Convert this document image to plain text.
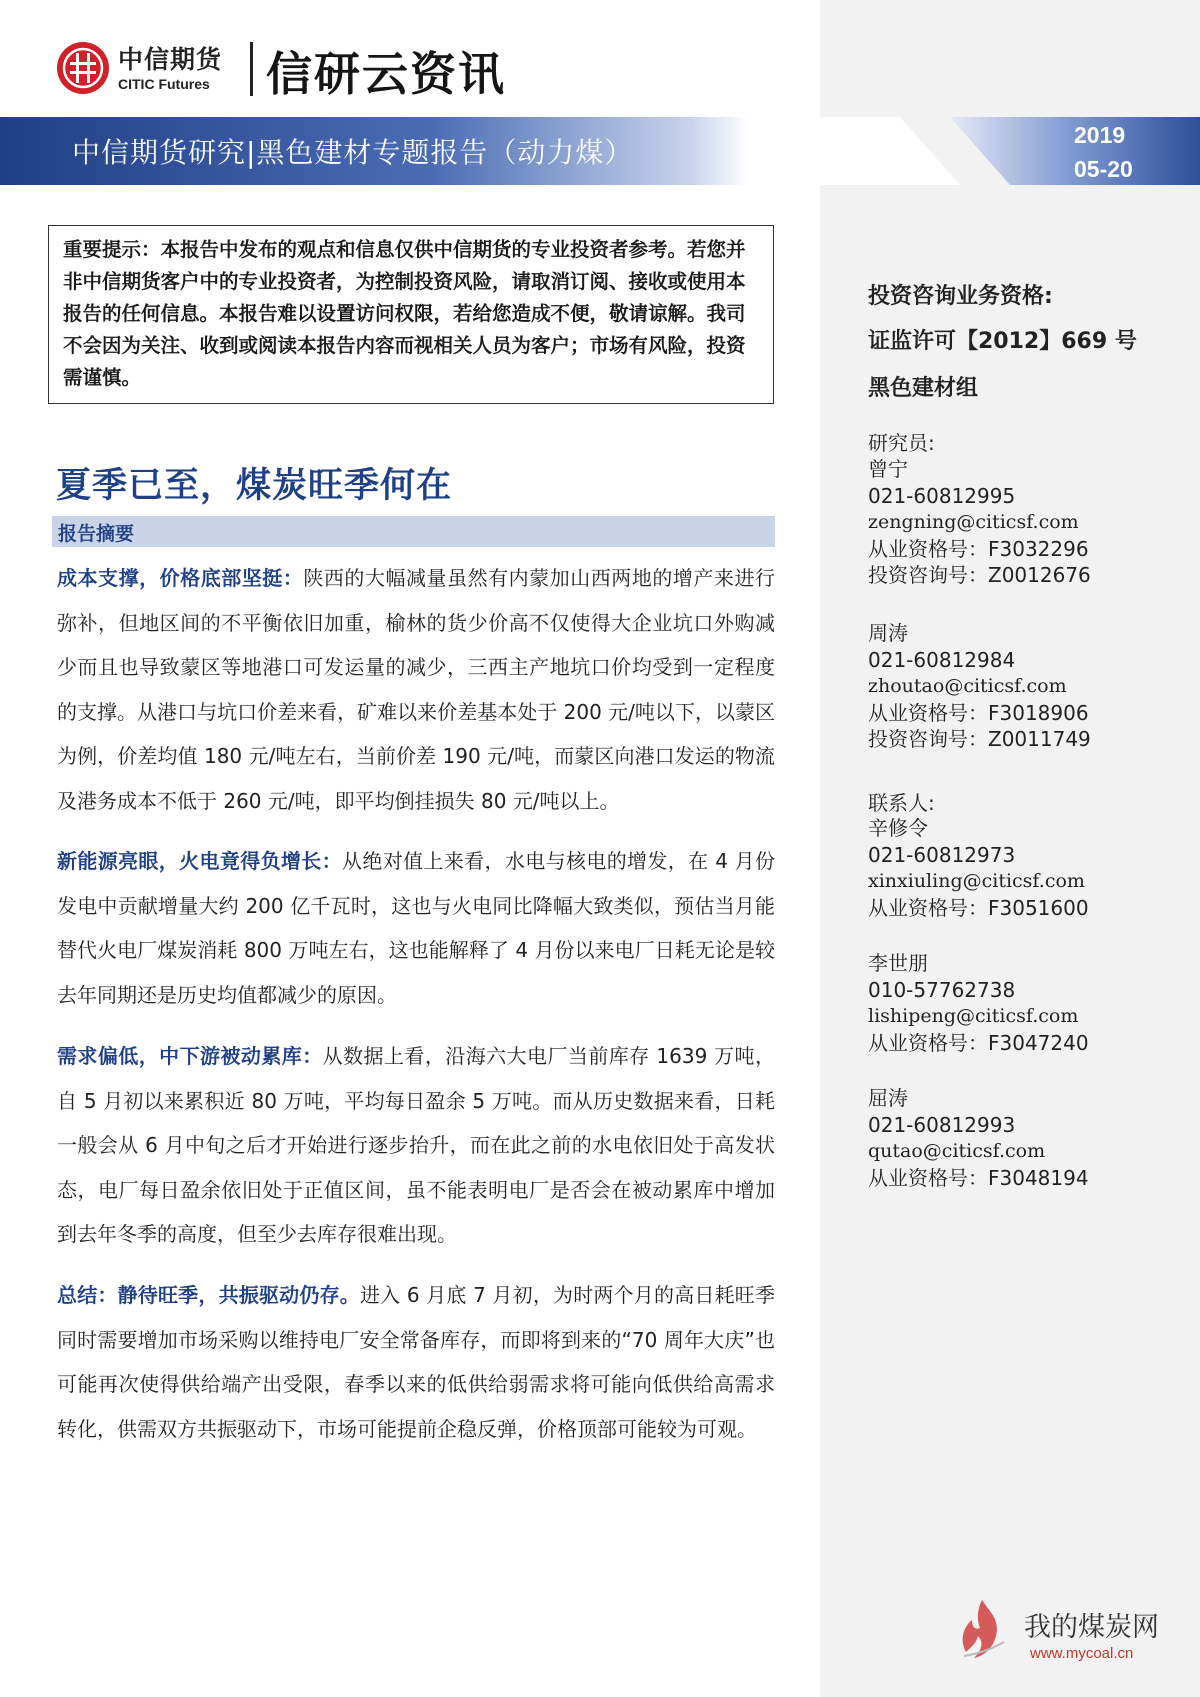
中信期货
CITIC Futures 信研云资讯
中信期货研究|黑色建材专题报告（动力煤）
2019
05-20
重要提示：本报告中发布的观点和信息仅供中信期货的专业投资者参考。若您并非中信期货客户中的专业投资者，为控制投资风险，请取消订阅、接收或使用本报告的任何信息。本报告难以设置访问权限，若给您造成不便，敬请谅解。我司不会因为关注、收到或阅读本报告内容而视相关人员为客户；市场有风险，投资需谨慎。
夏季已至，煤炭旺季何在
报告摘要
成本支撑，价格底部坚挺：陕西的大幅减量虽然有内蒙加山西两地的增产来进行弥补，但地区间的不平衡依旧加重，榆林的货少价高不仅使得大企业坑口外购减少而且也导致蒙区等地港口可发运量的减少，三西主产地坑口价均受到一定程度的支撑。从港口与坑口价差来看，矿难以来价差基本处于 200 元/吨以下，以蒙区为例，价差均值 180 元/吨左右，当前价差 190 元/吨，而蒙区向港口发运的物流及港务成本不低于 260 元/吨，即平均倒挂损失 80 元/吨以上。
新能源亮眼，火电竟得负增长：从绝对值上来看，水电与核电的增发，在 4 月份发电中贡献增量大约 200 亿千瓦时，这也与火电同比降幅大致类似，预估当月能替代火电厂煤炭消耗 800 万吨左右，这也能解释了 4 月份以来电厂日耗无论是较去年同期还是历史均值都减少的原因。
需求偏低，中下游被动累库：从数据上看，沿海六大电厂当前库存 1639 万吨，自 5 月初以来累积近 80 万吨，平均每日盈余 5 万吨。而从历史数据来看，日耗一般会从 6 月中旬之后才开始进行逐步抬升，而在此之前的水电依旧处于高发状态，电厂每日盈余依旧处于正值区间，虽不能表明电厂是否会在被动累库中增加到去年冬季的高度，但至少去库存很难出现。
总结：静待旺季，共振驱动仍存。进入 6 月底 7 月初，为时两个月的高日耗旺季同时需要增加市场采购以维持电厂安全常备库存，而即将到来的“70 周年大庆”也可能再次使得供给端产出受限，春季以来的低供给弱需求将可能向低供给高需求转化，供需双方共振驱动下，市场可能提前企稳反弹，价格顶部可能较为可观。
投资咨询业务资格:
证监许可【2012】669 号
黑色建材组
研究员:
曾宁
021-60812995
zengning@citicsf.com
从业资格号：F3032296
投资咨询号：Z0012676
周涛
021-60812984
zhoutao@citicsf.com
从业资格号：F3018906
投资咨询号：Z0011749
联系人:
辛修令
021-60812973
xinxiuling@citicsf.com
从业资格号：F3051600
李世朋
010-57762738
lishipeng@citicsf.com
从业资格号：F3047240
屈涛
021-60812993
qutao@citicsf.com
从业资格号：F3048194
我的煤炭网
www.mycoal.cn
